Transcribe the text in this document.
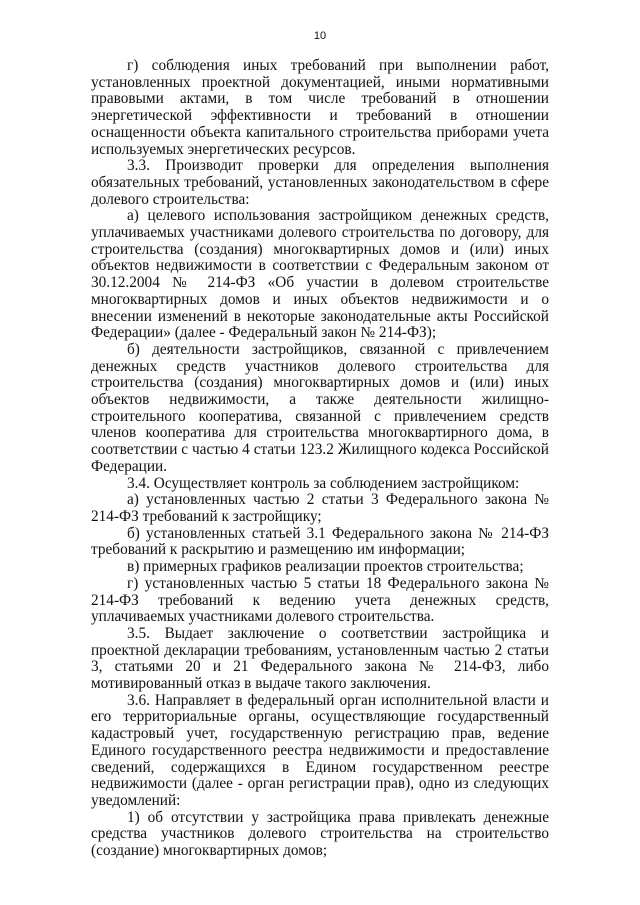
10

г) соблюдения иных требований при выполнении работ, установленных проектной документацией, иными нормативными правовыми актами, в том числе требований в отношении энергетической эффективности и требований в отношении оснащенности объекта капитального строительства приборами учета используемых энергетических ресурсов.

3.3. Производит проверки для определения выполнения обязательных требований, установленных законодательством в сфере долевого строительства:

а) целевого использования застройщиком денежных средств, уплачиваемых участниками долевого строительства по договору, для строительства (создания) многоквартирных домов и (или) иных объектов недвижимости в соответствии с Федеральным законом от 30.12.2004 № 214-ФЗ «Об участии в долевом строительстве многоквартирных домов и иных объектов недвижимости и о внесении изменений в некоторые законодательные акты Российской Федерации» (далее - Федеральный закон № 214-ФЗ);

б) деятельности застройщиков, связанной с привлечением денежных средств участников долевого строительства для строительства (создания) многоквартирных домов и (или) иных объектов недвижимости, а также деятельности жилищно-строительного кооператива, связанной с привлечением средств членов кооператива для строительства многоквартирного дома, в соответствии с частью 4 статьи 123.2 Жилищного кодекса Российской Федерации.

3.4. Осуществляет контроль за соблюдением застройщиком:

а) установленных частью 2 статьи 3 Федерального закона № 214-ФЗ требований к застройщику;

б) установленных статьей 3.1 Федерального закона № 214-ФЗ требований к раскрытию и размещению им информации;

в) примерных графиков реализации проектов строительства;

г) установленных частью 5 статьи 18 Федерального закона № 214-ФЗ требований к ведению учета денежных средств, уплачиваемых участниками долевого строительства.

3.5. Выдает заключение о соответствии застройщика и проектной декларации требованиям, установленным частью 2 статьи 3, статьями 20 и 21 Федерального закона № 214-ФЗ, либо мотивированный отказ в выдаче такого заключения.

3.6. Направляет в федеральный орган исполнительной власти и его территориальные органы, осуществляющие государственный кадастровый учет, государственную регистрацию прав, ведение Единого государственного реестра недвижимости и предоставление сведений, содержащихся в Едином государственном реестре недвижимости (далее - орган регистрации прав), одно из следующих уведомлений:

1) об отсутствии у застройщика права привлекать денежные средства участников долевого строительства на строительство (создание) многоквартирных домов;
